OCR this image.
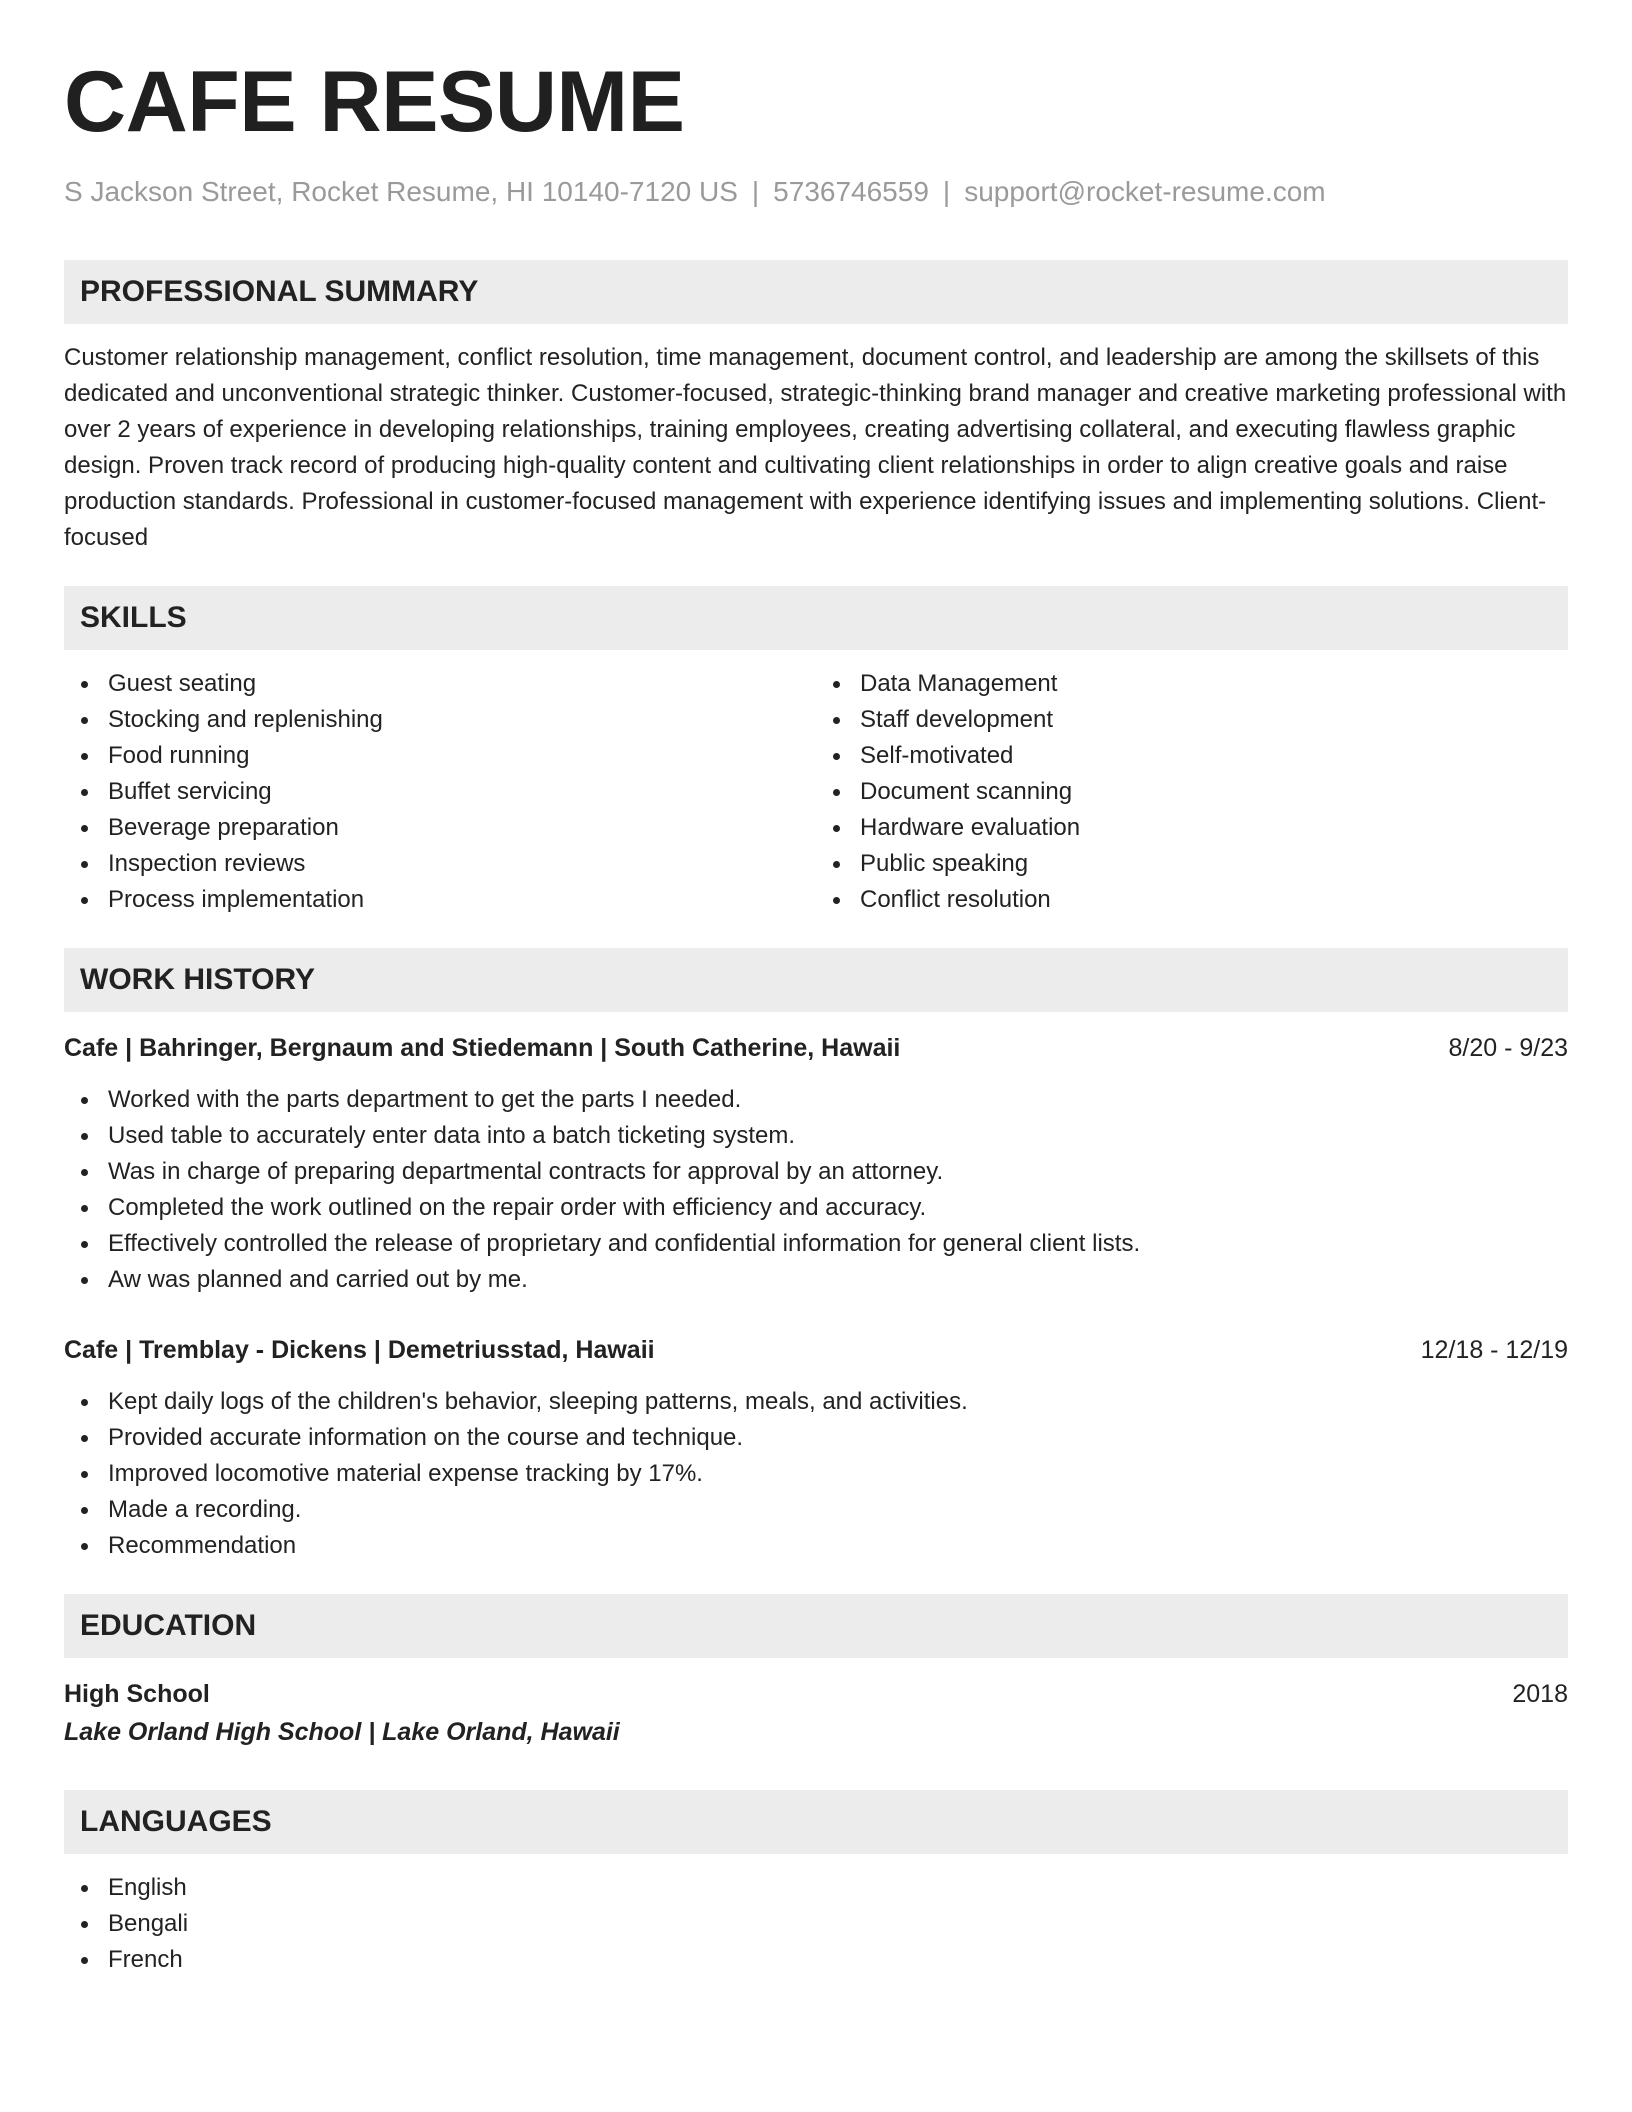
CAFE RESUME
S Jackson Street, Rocket Resume, HI 10140-7120 US | 5736746559 | support@rocket-resume.com
PROFESSIONAL SUMMARY
Customer relationship management, conflict resolution, time management, document control, and leadership are among the skillsets of this dedicated and unconventional strategic thinker. Customer-focused, strategic-thinking brand manager and creative marketing professional with over 2 years of experience in developing relationships, training employees, creating advertising collateral, and executing flawless graphic design. Proven track record of producing high-quality content and cultivating client relationships in order to align creative goals and raise production standards. Professional in customer-focused management with experience identifying issues and implementing solutions. Client-focused
SKILLS
Guest seating
Stocking and replenishing
Food running
Buffet servicing
Beverage preparation
Inspection reviews
Process implementation
Data Management
Staff development
Self-motivated
Document scanning
Hardware evaluation
Public speaking
Conflict resolution
WORK HISTORY
Cafe | Bahringer, Bergnaum and Stiedemann | South Catherine, Hawaii	8/20 - 9/23
Worked with the parts department to get the parts I needed.
Used table to accurately enter data into a batch ticketing system.
Was in charge of preparing departmental contracts for approval by an attorney.
Completed the work outlined on the repair order with efficiency and accuracy.
Effectively controlled the release of proprietary and confidential information for general client lists.
Aw was planned and carried out by me.
Cafe | Tremblay - Dickens | Demetriusstad, Hawaii	12/18 - 12/19
Kept daily logs of the children's behavior, sleeping patterns, meals, and activities.
Provided accurate information on the course and technique.
Improved locomotive material expense tracking by 17%.
Made a recording.
Recommendation
EDUCATION
High School	2018
Lake Orland High School | Lake Orland, Hawaii
LANGUAGES
English
Bengali
French
